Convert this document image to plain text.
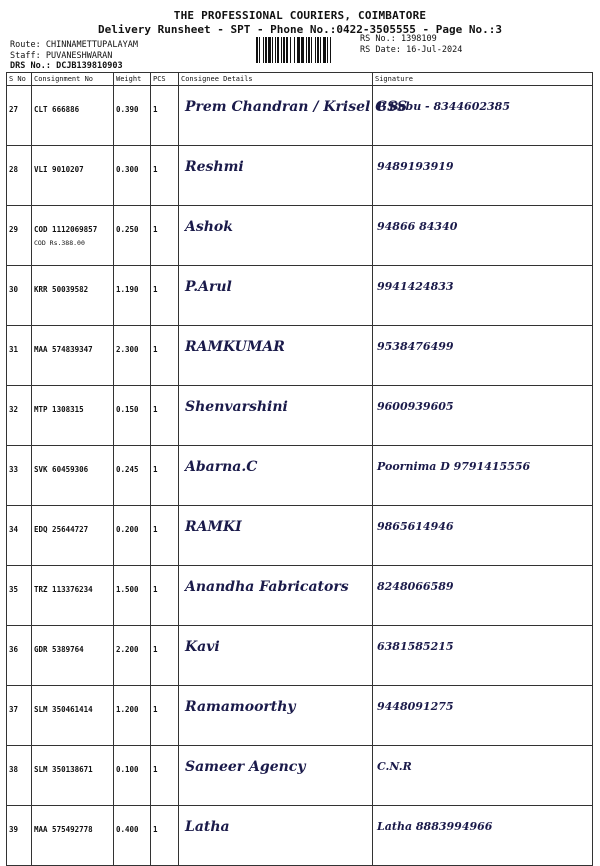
THE PROFESSIONAL COURIERS, COIMBATORE
Delivery Runsheet - SPT - Phone No.:0422-3505555 - Page No.:3
Route: CHINNAMETTUPALAYAM
Staff: PUVANESHWARAN
DRS No.: DCJB139810903
RS No.: 1398109
RS Date: 16-Jul-2024
S No	Consignment No	Weight	PCS	Consignee Details	Signature
27	CLT 666886	0.390	1	Prem Chandran / Krisel GSS	P Babu - 8344602385

28	VLI 9010207	0.300	1	Reshmi	9489193919

29	COD 1112069857
COD Rs.388.00	0.250	1	Ashok	94866 84340

30	KRR 50039582	1.190	1	P.Arul	9941424833

31	MAA 574839347	2.300	1	RAMKUMAR	9538476499

32	MTP 1308315	0.150	1	Shenvarshini	9600939605

33	SVK 60459306	0.245	1	Abarna.C	Poornima D 9791415556

34	EDQ 25644727	0.200	1	RAMKI	9865614946

35	TRZ 113376234	1.500	1	Anandha Fabricators	8248066589

36	GDR 5389764	2.200	1	Kavi	6381585215

37	SLM 350461414	1.200	1	Ramamoorthy	9448091275

38	SLM 350138671	0.100	1	Sameer Agency	C.N.R

39	MAA 575492778	0.400	1	Latha	Latha 8883994966
